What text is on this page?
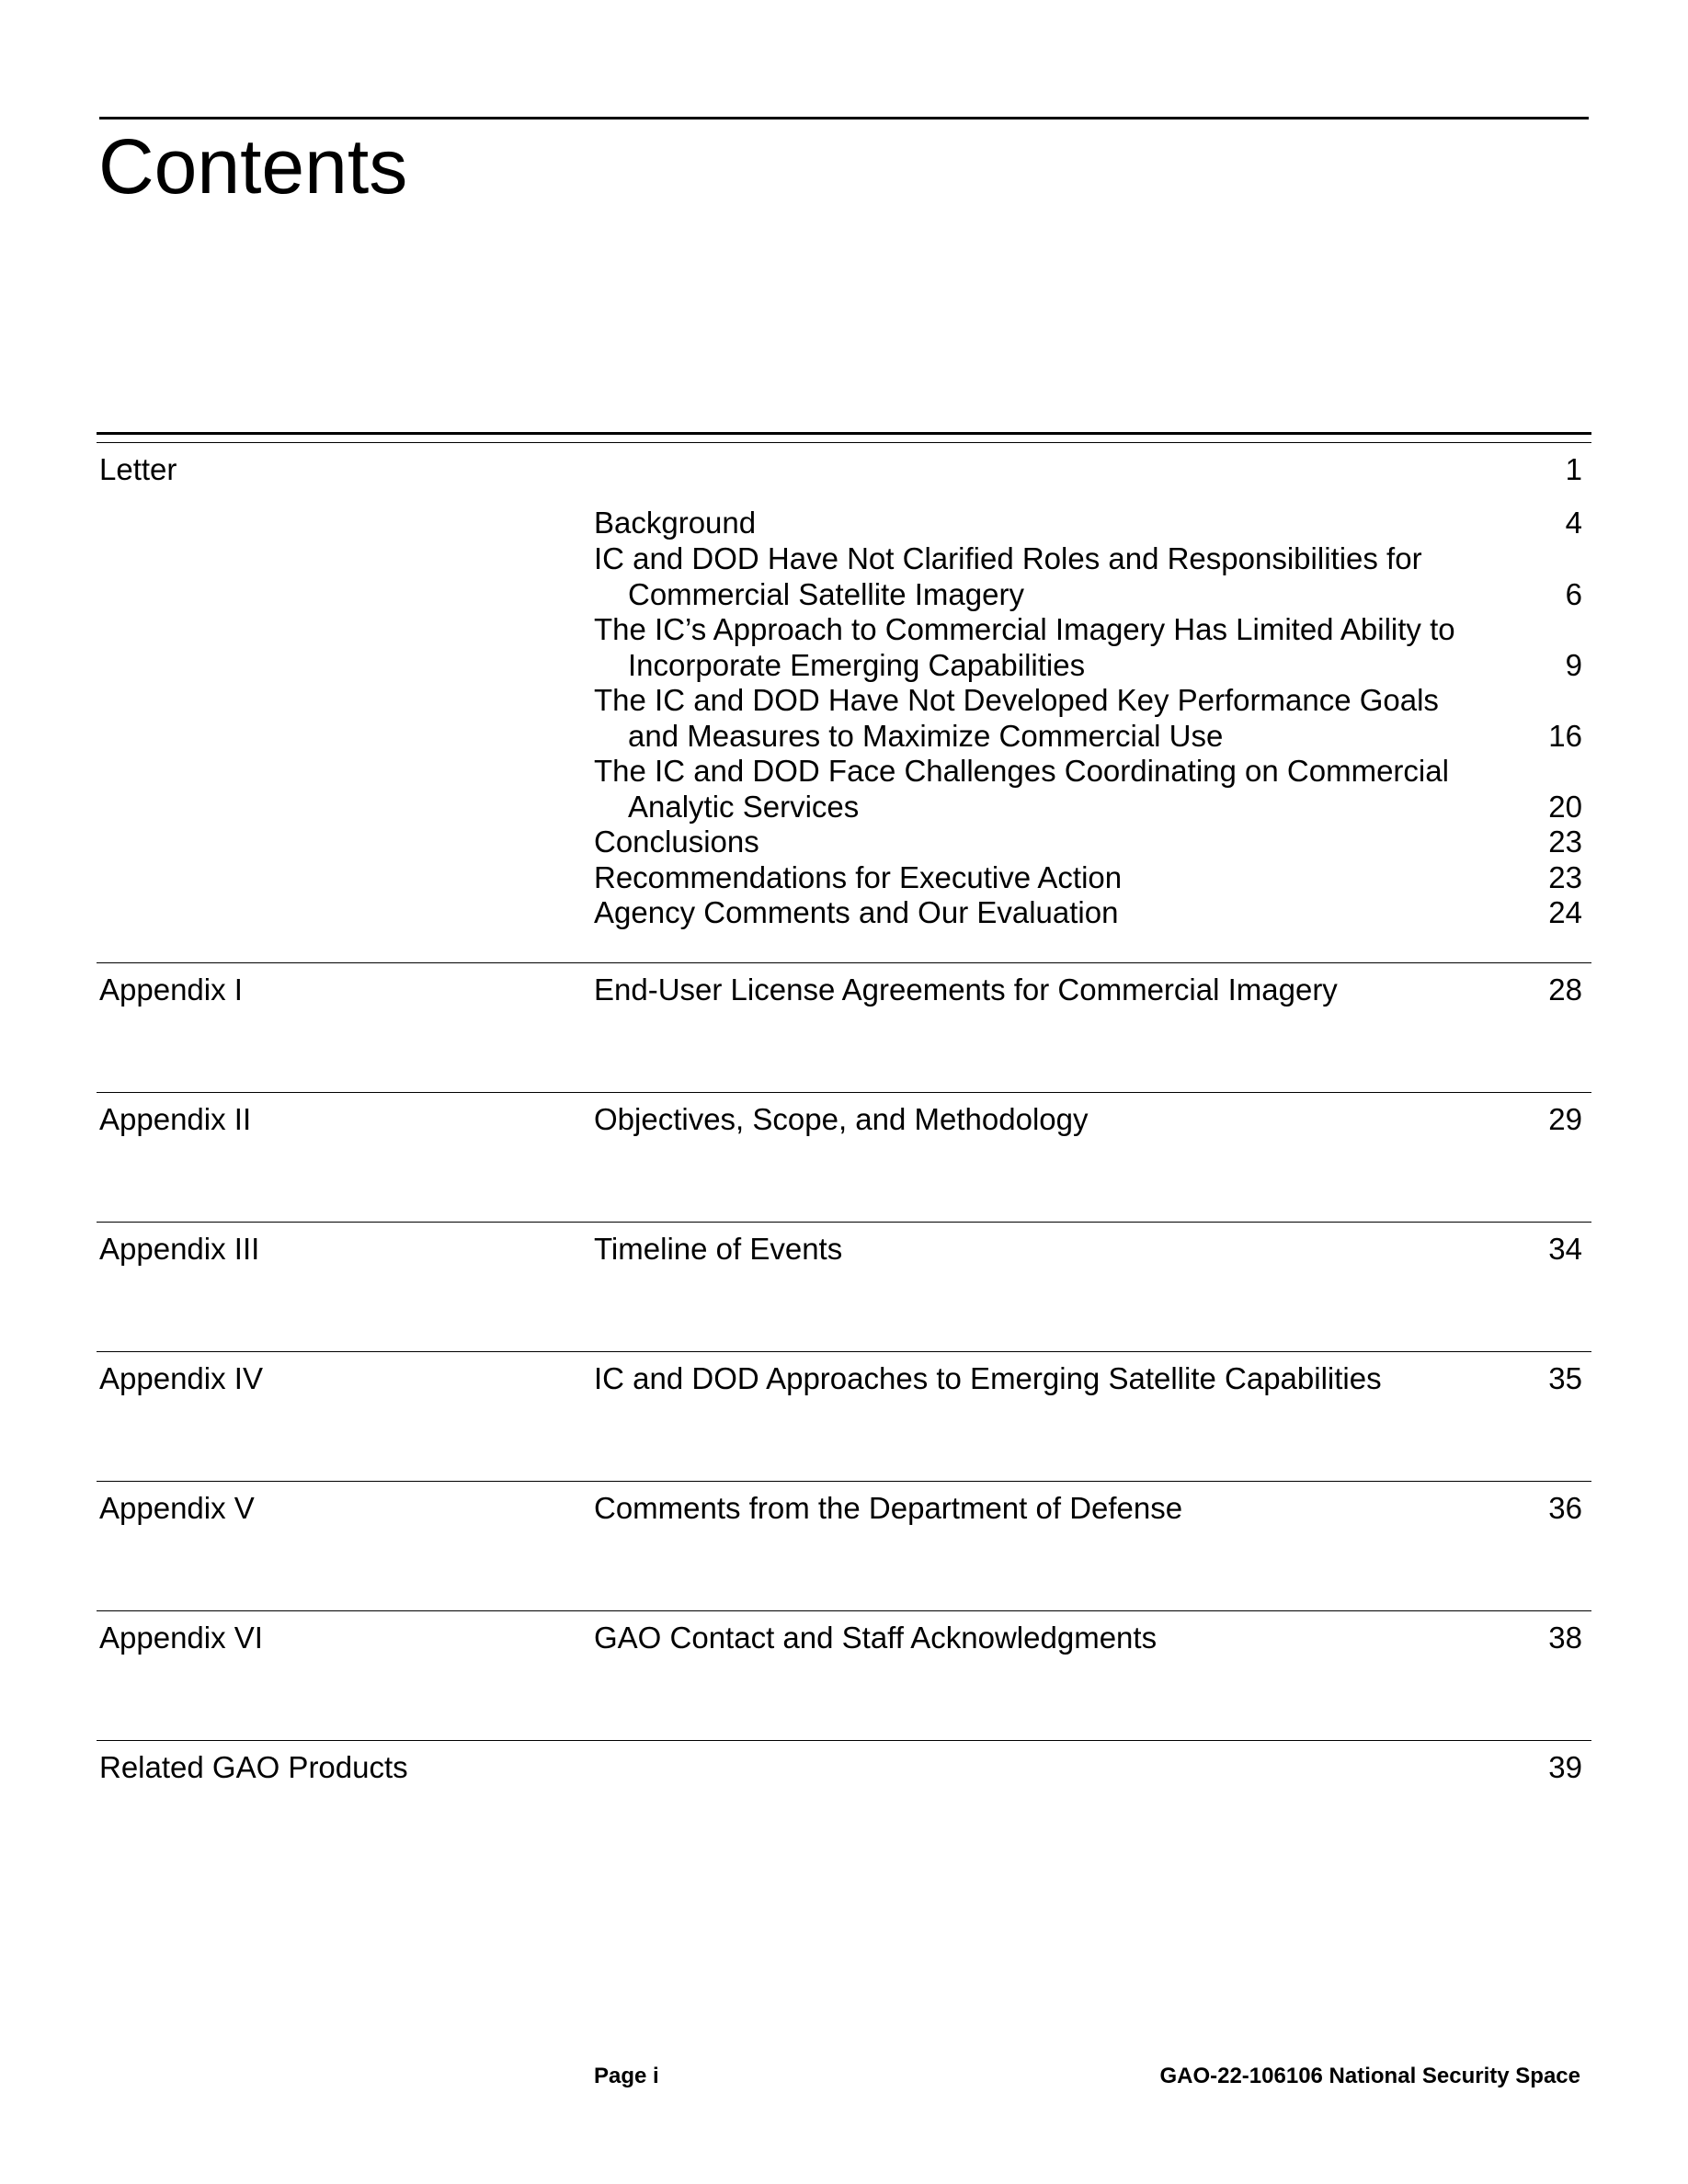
Contents
Letter	1
Background	4
IC and DOD Have Not Clarified Roles and Responsibilities for
Commercial Satellite Imagery	6
The IC’s Approach to Commercial Imagery Has Limited Ability to
Incorporate Emerging Capabilities	9
The IC and DOD Have Not Developed Key Performance Goals
and Measures to Maximize Commercial Use	16
The IC and DOD Face Challenges Coordinating on Commercial
Analytic Services	20
Conclusions	23
Recommendations for Executive Action	23
Agency Comments and Our Evaluation	24
Appendix I	End-User License Agreements for Commercial Imagery	28
Appendix II	Objectives, Scope, and Methodology	29
Appendix III	Timeline of Events	34
Appendix IV	IC and DOD Approaches to Emerging Satellite Capabilities	35
Appendix V	Comments from the Department of Defense	36
Appendix VI	GAO Contact and Staff Acknowledgments	38
Related GAO Products	39
Page i	GAO-22-106106 National Security Space
